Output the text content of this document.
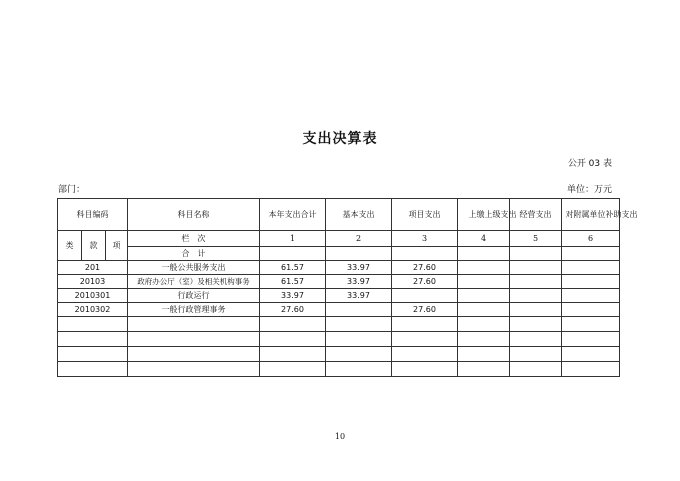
支出决算表
公开 03 表
部门：	单位：万元
科目编码			科目名称	本年支出合计	基本支出	项目支出	上缴上级支出	经营支出	对附属单位补助支出

类	款	项	栏　次	1	2	3	4	5	6
			合　计						
201			一般公共服务支出	61.57	33.97	27.60			
20103			政府办公厅（室）及相关机构事务	61.57	33.97	27.60			
2010301			行政运行	33.97	33.97				
2010302			一般行政管理事务	27.60		27.60			

10
